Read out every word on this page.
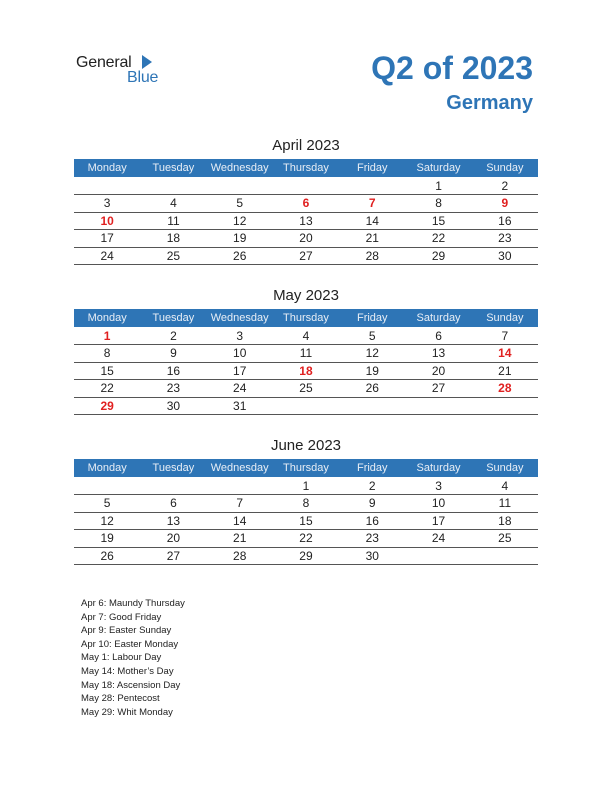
General
Blue	Q2 of 2023
Germany
April 2023
Monday	Tuesday	Wednesday	Thursday	Friday	Saturday	Sunday
					1	2
3	4	5	6	7	8	9
10	11	12	13	14	15	16
17	18	19	20	21	22	23
24	25	26	27	28	29	30
May 2023
Monday	Tuesday	Wednesday	Thursday	Friday	Saturday	Sunday
1	2	3	4	5	6	7
8	9	10	11	12	13	14
15	16	17	18	19	20	21
22	23	24	25	26	27	28
29	30	31				
June 2023
Monday	Tuesday	Wednesday	Thursday	Friday	Saturday	Sunday
			1	2	3	4
5	6	7	8	9	10	11
12	13	14	15	16	17	18
19	20	21	22	23	24	25
26	27	28	29	30		
Apr 6: Maundy Thursday
Apr 7: Good Friday
Apr 9: Easter Sunday
Apr 10: Easter Monday
May 1: Labour Day
May 14: Mother’s Day
May 18: Ascension Day
May 28: Pentecost
May 29: Whit Monday
